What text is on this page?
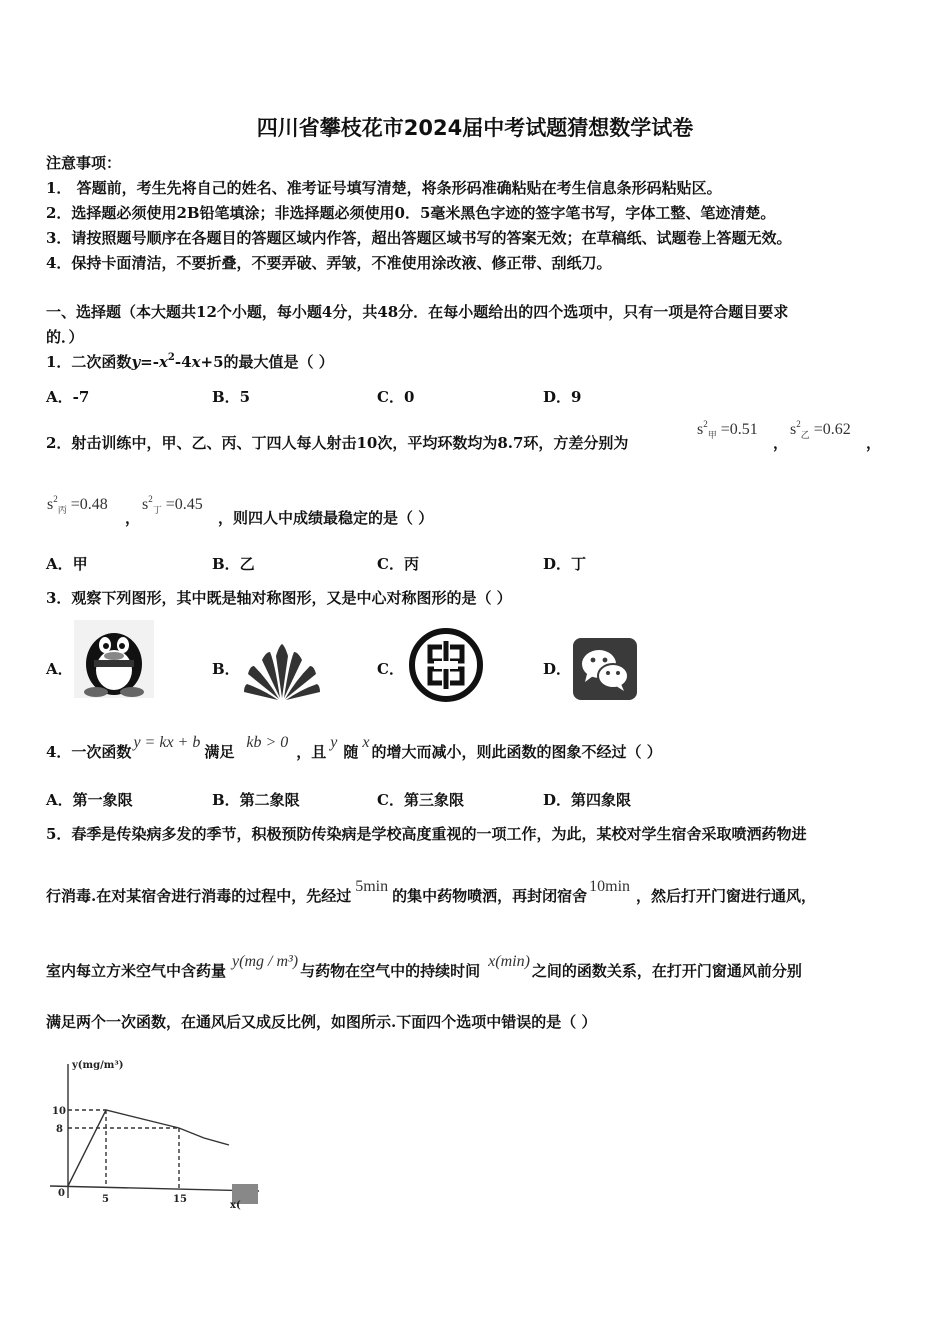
四川省攀枝花市2024届中考试题猜想数学试卷
注意事项：
1． 答题前，考生先将自己的姓名、准考证号填写清楚，将条形码准确粘贴在考生信息条形码粘贴区。
2．选择题必须使用2B铅笔填涂；非选择题必须使用0．5毫米黑色字迹的签字笔书写，字体工整、笔迹清楚。
3．请按照题号顺序在各题目的答题区域内作答，超出答题区域书写的答案无效；在草稿纸、试题卷上答题无效。
4．保持卡面清洁，不要折叠，不要弄破、弄皱，不准使用涂改液、修正带、刮纸刀。
一、选择题（本大题共12个小题，每小题4分，共48分．在每小题给出的四个选项中，只有一项是符合题目要求
的．）
1．二次函数$y=-x^2-4x+5$的最大值是（ ）
A．-7	B．5	C．0	D．9
2．射击训练中，甲、乙、丙、丁四人每人射击10次，平均环数均为8.7环，方差分别为
$s^2_甲 =0.51$
，
$s^2_乙 =0.62$
，
$s^2_丙 =0.48$
，
$s^2_丁 =0.45$
，则四人中成绩最稳定的是（ ）
A．甲	B．乙	C．丙	D．丁
3．观察下列图形，其中既是轴对称图形，又是中心对称图形的是（ ）
A．	B．	C．	D．
4．一次函数y = kx + b满足kb > 0，且y随x的增大而减小，则此函数的图象不经过（ ）
A．第一象限	B．第二象限	C．第三象限	D．第四象限
5．春季是传染病多发的季节，积极预防传染病是学校高度重视的一项工作，为此，某校对学生宿舍采取喷洒药物进
行消毒.在对某宿舍进行消毒的过程中，先经过5min的集中药物喷洒，再封闭宿舍10min，然后打开门窗进行通风，
室内每立方米空气中含药量y(mg / m³)与药物在空气中的持续时间x(min)之间的函数关系，在打开门窗通风前分别
满足两个一次函数，在通风后又成反比例，如图所示.下面四个选项中错误的是（ ）
y(mg/m³)
10
8
0
5	15
x(
